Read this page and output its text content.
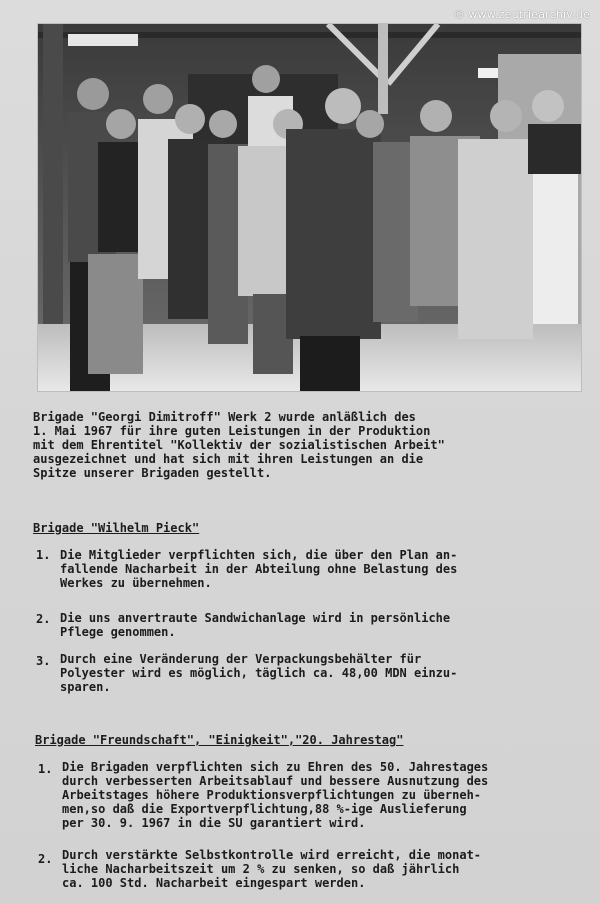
© www.zeutriearchiv.de
Brigade "Georgi Dimitroff" Werk 2 wurde anläßlich des
1. Mai 1967 für ihre guten Leistungen in der Produktion
mit dem Ehrentitel "Kollektiv der sozialistischen Arbeit"
ausgezeichnet und hat sich mit ihren Leistungen an die
Spitze unserer Brigaden gestellt.
Brigade "Wilhelm Pieck"
1. Die Mitglieder verpflichten sich, die über den Plan an-
fallende Nacharbeit in der Abteilung ohne Belastung des
Werkes zu übernehmen.
2. Die uns anvertraute Sandwichanlage wird in persönliche
Pflege genommen.
3. Durch eine Veränderung der Verpackungsbehälter für
Polyester wird es möglich, täglich ca. 48,00 MDN einzu-
sparen.
Brigade "Freundschaft", "Einigkeit","20. Jahrestag"
1. Die Brigaden verpflichten sich zu Ehren des 50. Jahrestages
durch verbesserten Arbeitsablauf und bessere Ausnutzung des
Arbeitstages höhere Produktionsverpflichtungen zu überneh-
men,so daß die Exportverpflichtung,88 %-ige Auslieferung
per 30. 9. 1967 in die SU garantiert wird.
2. Durch verstärkte Selbstkontrolle wird erreicht, die monat-
liche Nacharbeitszeit um 2 % zu senken, so daß jährlich
ca. 100 Std. Nacharbeit eingespart werden.
